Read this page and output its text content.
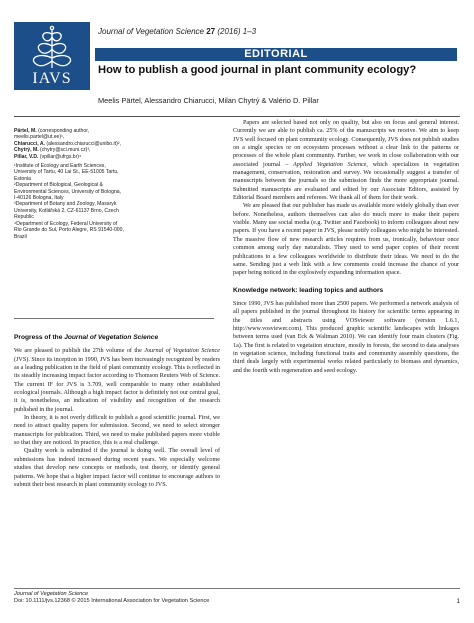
IAVS
Journal of Vegetation Science 27 (2016) 1–3
EDITORIAL
How to publish a good journal in plant community ecology?
Meelis Pärtel, Alessandro Chiarucci, Milan Chytrý & Valério D. Pillar

Pärtel, M. (corresponding author,

meelis.partel@ut.ee)¹,

Chiarucci, A. (alessandro.chiarucci@unibo.it)²,

Chytrý, M. (chytry@sci.muni.cz)³,

Pillar, V.D. (vpillar@ufrgs.br)⁴

¹Institute of Ecology and Earth Sciences,

University of Tartu, 40 Lai St., EE-51005 Tartu,

Estonia

²Department of Biological, Geological &

Environmental Sciences, University of Bologna,

I-40126 Bologna, Italy

³Department of Botany and Zoology, Masaryk

University, Kotlářská 2, CZ-61137 Brno, Czech

Republic

⁴Department of Ecology, Federal University of

Rio Grande do Sul, Porto Alegre, RS 91540-000,

Brazil

Progress of the Journal of Vegetation Science

We are pleased to publish the 27th volume of the Journal of Vegetation Science (JVS). Since its inception in 1990, JVS has been increasingly recognized by readers as a leading publication in the field of plant community ecology. This is reflected in its steadily increasing impact factor according to Thomson Reuters Web of Science. The current IF for JVS is 3.709, well comparable to many other established ecological journals. Although a high impact factor is definitely not our central goal, it is, nonetheless, an indication of visibility and recognition of the research published in the journal.

In theory, it is not overly difficult to publish a good scientific journal. First, we need to attract quality papers for submission. Second, we need to select stronger manuscripts for publication. Third, we need to make published papers more visible so that they are noticed. In practice, this is a real challenge.

Quality work is submitted if the journal is doing well. The overall level of submissions has indeed increased during recent years. We especially welcome studies that develop new concepts or methods, test theory, or identify general patterns. We hope that a higher impact factor will continue to encourage authors to submit their best research in plant community ecology to JVS.

Papers are selected based not only on quality, but also on focus and general interest. Currently we are able to publish ca. 25% of the manuscripts we receive. We aim to keep JVS well focused on plant community ecology. Consequently, JVS does not publish studies on a single species or on ecosystem processes without a clear link to the patterns or processes of the whole plant community. Further, we work in close collaboration with our associated journal – Applied Vegetation Science, which specializes in vegetation management, conservation, restoration and survey. We occasionally suggest a transfer of manuscripts between the journals so the submission finds the more appropriate journal. Submitted manuscripts are evaluated and edited by our Associate Editors, assisted by Editorial Board members and referees. We thank all of them for their work.

We are pleased that our publisher has made us available more widely globally than ever before. Nonetheless, authors themselves can also do much more to make their papers visible. Many use social media (e.g. Twitter and Facebook) to inform colleagues about new papers. If you have a recent paper in JVS, please notify colleagues who might be interested. The massive flow of new research articles requires from us, ironically, behaviour once common among early day naturalists. They used to send paper copies of their recent publications to a few colleagues worldwide to distribute their ideas. We need to do the same. Sending just a web link with a few comments could increase the chance of your paper being noticed in the explosively expanding information space.

Knowledge network: leading topics and authors

Since 1990, JVS has published more than 2500 papers. We performed a network analysis of all papers published in the journal throughout its history for scientific terms appearing in the titles and abstracts using VOSviewer software (version 1.6.1, http://www.vosviewer.com). This produced graphic scientific landscapes with linkages between terms used (van Eck & Waltman 2010). We can identify four main clusters (Fig. 1a). The first is related to vegetation structure, mostly in forests, the second to data analyses in vegetation science, including functional traits and community assembly questions, the third deals largely with experimental works related particularly to biomass and dynamics, and the fourth with regeneration and seed ecology.

Journal of Vegetation Science
Doi: 10.1111/jvs.12368 © 2015 International Association for Vegetation Science	1
